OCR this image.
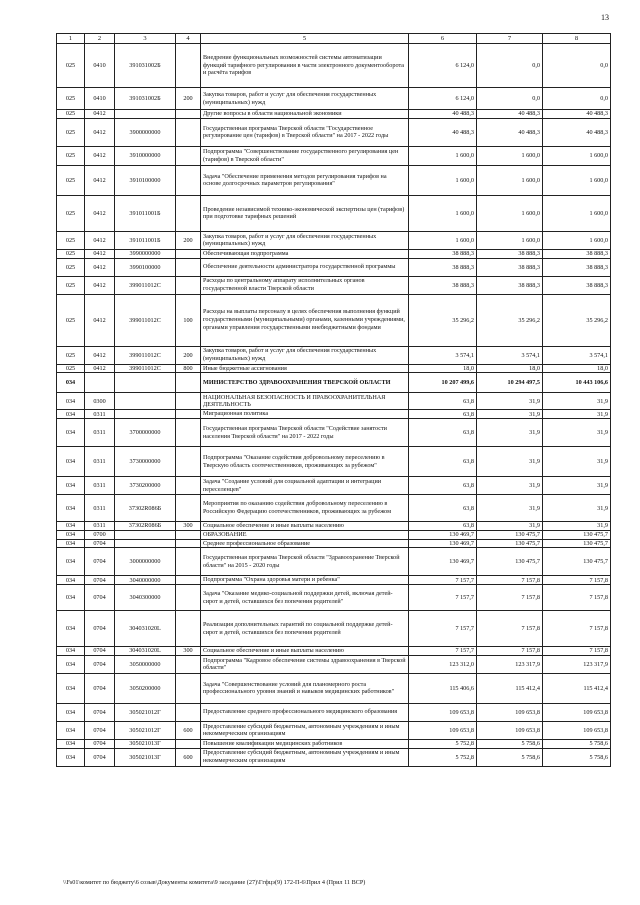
13
1	2	3	4	5	6	7	8
025	0410	391031002Б		Внедрение функциональных возможностей системы автоматизации функций тарифного регулирования в части электронного документооборота и расчёта тарифов	6 124,0	0,0	0,0
025	0410	391031002Б	200	Закупка товаров, работ и услуг для обеспечения государственных (муниципальных) нужд	6 124,0	0,0	0,0
025	0412			Другие вопросы в области национальной экономики	40 488,3	40 488,3	40 488,3
025	0412	3900000000		Государственная программа Тверской области "Государственное регулирование цен (тарифов) в Тверской области" на 2017 - 2022 годы	40 488,3	40 488,3	40 488,3
025	0412	3910000000		Подпрограмма "Совершенствование государственного регулирования цен (тарифов) в Тверской области"	1 600,0	1 600,0	1 600,0
025	0412	3910100000		Задача "Обеспечение применения методов регулирования тарифов на основе долгосрочных параметров регулирования"	1 600,0	1 600,0	1 600,0
025	0412	391011001Б		Проведение независимой технико-экономической экспертизы цен (тарифов) при подготовке тарифных решений	1 600,0	1 600,0	1 600,0
025	0412	391011001Б	200	Закупка товаров, работ и услуг для обеспечения государственных (муниципальных) нужд	1 600,0	1 600,0	1 600,0
025	0412	3990000000		Обеспечивающая подпрограмма	38 888,3	38 888,3	38 888,3
025	0412	3990100000		Обеспечение деятельности администратора государственной программы	38 888,3	38 888,3	38 888,3
025	0412	399011012С		Расходы по центральному аппарату исполнительных органов государственной власти Тверской области	38 888,3	38 888,3	38 888,3
025	0412	399011012С	100	Расходы на выплаты персоналу в целях обеспечения выполнения функций государственными (муниципальными) органами, казенными учреждениями, органами управления государственными внебюджетными фондами	35 296,2	35 296,2	35 296,2
025	0412	399011012С	200	Закупка товаров, работ и услуг для обеспечения государственных (муниципальных) нужд	3 574,1	3 574,1	3 574,1
025	0412	399011012С	800	Иные бюджетные ассигнования	18,0	18,0	18,0
034				МИНИСТЕРСТВО ЗДРАВООХРАНЕНИЯ ТВЕРСКОЙ ОБЛАСТИ	10 207 499,6	10 294 497,5	10 443 106,6
034	0300			НАЦИОНАЛЬНАЯ БЕЗОПАСНОСТЬ И ПРАВООХРАНИТЕЛЬНАЯ ДЕЯТЕЛЬНОСТЬ	63,8	31,9	31,9
034	0311			Миграционная политика	63,8	31,9	31,9
034	0311	3700000000		Государственная программа Тверской области "Содействие занятости населения Тверской области" на 2017 - 2022 годы	63,8	31,9	31,9
034	0311	3730000000		Подпрограмма "Оказание содействия добровольному переселению в Тверскую область соотечественников, проживающих за рубежом"	63,8	31,9	31,9
034	0311	3730200000		Задача "Создание условий для социальной адаптации и интеграции переселенцев"	63,8	31,9	31,9
034	0311	37302R086Б		Мероприятия по оказанию содействия добровольному переселению в Российскую Федерацию соотечественников, проживающих за рубежом	63,8	31,9	31,9
034	0311	37302R086Б	300	Социальное обеспечение и иные выплаты населению	63,8	31,9	31,9
034	0700			ОБРАЗОВАНИЕ	130 469,7	130 475,7	130 475,7
034	0704			Среднее профессиональное образование	130 469,7	130 475,7	130 475,7
034	0704	3000000000		Государственная программа Тверской области "Здравоохранение Тверской области" на 2015 - 2020 годы	130 469,7	130 475,7	130 475,7
034	0704	3040000000		Подпрограмма "Охрана здоровья матери и ребенка"	7 157,7	7 157,8	7 157,8
034	0704	3040300000		Задача "Оказание медико-социальной поддержки детей, включая детей-сирот и детей, оставшихся без попечения родителей"	7 157,7	7 157,8	7 157,8
034	0704	304031020L		Реализация дополнительных гарантий по социальной поддержке детей-сирот и детей, оставшихся без попечения родителей	7 157,7	7 157,8	7 157,8
034	0704	304031020L	300	Социальное обеспечение и иные выплаты населению	7 157,7	7 157,8	7 157,8
034	0704	3050000000		Подпрограмма "Кадровое обеспечение системы здравоохранения в Тверской области"	123 312,0	123 317,9	123 317,9
034	0704	3050200000		Задача "Совершенствование условий для планомерного роста профессионального уровня знаний и навыков медицинских работников"	115 406,6	115 412,4	115 412,4
034	0704	305021012Г		Предоставление среднего профессионального медицинского образования	109 653,8	109 653,8	109 653,8
034	0704	305021012Г	600	Предоставление субсидий бюджетным, автономным учреждениям и иным некоммерческим организациям	109 653,8	109 653,8	109 653,8
034	0704	305021013Г		Повышение квалификации медицинских работников	5 752,8	5 758,6	5 758,6
034	0704	305021013Г	600	Предоставление субсидий бюджетным, автономным учреждениям и иным некоммерческим организациям	5 752,8	5 758,6	5 758,6
\\Fs01\комитет по бюджету\6 созыв\Документы комитета\9 заседание (27)\Ггфцэ(9) 172-П-6\Прил 4 (Прил 11 ВСР)
